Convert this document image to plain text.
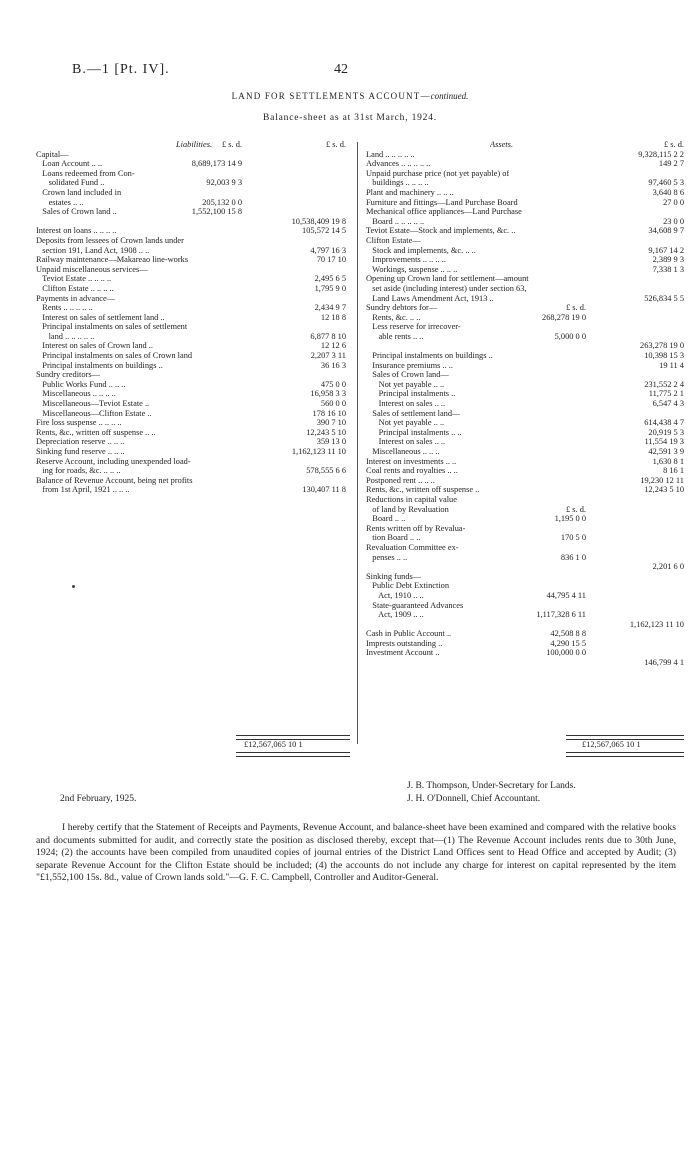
B.—1 [Pt. IV].	42
LAND FOR SETTLEMENTS ACCOUNT—continued.
Balance-sheet as at 31st March, 1924.
Liabilities.	£ s. d.	£ s. d.
Capital—
Loan Account .. ..	8,689,173 14 9
Loans redeemed from Con-
solidated Fund ..	92,003 9 3
Crown land included in
estates .. ..	205,132 0 0
Sales of Crown land ..	1,552,100 15 8
10,538,409 19 8
Interest on loans .. .. .. ..	105,572 14 5
Deposits from lessees of Crown lands under
section 191, Land Act, 1908 .. ..	4,797 16 3
Railway maintenance—Makareao line-works	70 17 10
Unpaid miscellaneous services—
Teviot Estate .. .. .. ..	2,495 6 5
Clifton Estate .. .. .. ..	1,795 9 0
Payments in advance—
Rents .. .. .. .. ..	2,434 9 7
Interest on sales of settlement land ..	12 18 8
Principal instalments on sales of settlement
land .. .. .. .. ..	6,877 8 10
Interest on sales of Crown land ..	12 12 6
Principal instalments on sales of Crown land	2,207 3 11
Principal instalments on buildings ..	36 16 3
Sundry creditors—
Public Works Fund .. .. ..	475 0 0
Miscellaneous .. .. .. ..	16,958 3 3
Miscellaneous—Teviot Estate ..	560 0 0
Miscellaneous—Clifton Estate ..	178 16 10
Fire loss suspense .. .. .. ..	390 7 10
Rents, &c., written off suspense .. ..	12,243 5 10
Depreciation reserve .. .. ..	359 13 0
Sinking fund reserve .. .. ..	1,162,123 11 10
Reserve Account, including unexpended load-
ing for roads, &c. .. .. ..	578,555 6 6
Balance of Revenue Account, being net profits
from 1st April, 1921 .. .. ..	130,407 11 8
Assets.	£ s. d.
Land .. .. .. .. ..	9,328,115 2 2
Advances .. .. .. .. ..	149 2 7
Unpaid purchase price (not yet payable) of
buildings .. .. .. ..	97,460 5 3
Plant and machinery .. .. ..	3,640 8 6
Furniture and fittings—Land Purchase Board	27 0 0
Mechanical office appliances—Land Purchase
Board .. .. .. .. ..	23 0 0
Teviot Estate—Stock and implements, &c. ..	34,608 9 7
Clifton Estate—
Stock and implements, &c. .. ..	9,167 14 2
Improvements .. .. .. ..	2,389 9 3
Workings, suspense .. .. ..	7,338 1 3
Opening up Crown land for settlement—amount
set aside (including interest) under section 63,
Land Laws Amendment Act, 1913 ..	526,834 5 5
Sundry debtors for—	£ s. d.
Rents, &c. .. ..	268,278 19 0
Less reserve for irrecover-
able rents .. ..	5,000 0 0
263,278 19 0
Principal instalments on buildings ..	10,398 15 3
Insurance premiums .. ..	19 11 4
Sales of Crown land—
Not yet payable .. ..	231,552 2 4
Principal instalments ..	11,775 2 1
Interest on sales .. ..	6,547 4 3
Sales of settlement land—
Not yet payable .. ..	614,438 4 7
Principal instalments .. ..	20,919 5 3
Interest on sales .. ..	11,554 19 3
Miscellaneous .. .. ..	42,591 3 9
Interest on investments .. ..	1,630 8 1
Coal rents and royalties .. ..	8 16 1
Postponed rent .. .. ..	19,230 12 11
Rents, &c., written off suspense ..	12,243 5 10
Reductions in capital value
of land by Revaluation	£ s. d.
Board .. ..	1,195 0 0
Rents written off by Revalua-
tion Board .. ..	170 5 0
Revaluation Committee ex-
penses .. ..	836 1 0
2,201 6 0
Sinking funds—
Public Debt Extinction
Act, 1910 .. ..	44,795 4 11
State-guaranteed Advances
Act, 1909 .. ..	1,117,328 6 11
1,162,123 11 10
Cash in Public Account ..	42,508 8 8
Imprests outstanding ..	4,290 15 5
Investment Account ..	100,000 0 0
146,799 4 1
£12,567,065 10 1	£12,567,065 10 1
J. B. Thompson, Under-Secretary for Lands.
J. H. O'Donnell, Chief Accountant.
2nd February, 1925.
I hereby certify that the Statement of Receipts and Payments, Revenue Account, and balance-sheet have been examined and compared with the relative books and documents submitted for audit, and correctly state the position as disclosed thereby, except that—(1) The Revenue Account includes rents due to 30th June, 1924; (2) the accounts have been compiled from unaudited copies of journal entries of the District Land Offices sent to Head Office and accepted by Audit; (3) separate Revenue Account for the Clifton Estate should be included; (4) the accounts do not include any charge for interest on capital represented by the item "£1,552,100 15s. 8d., value of Crown lands sold."—G. F. C. Campbell, Controller and Auditor-General.
